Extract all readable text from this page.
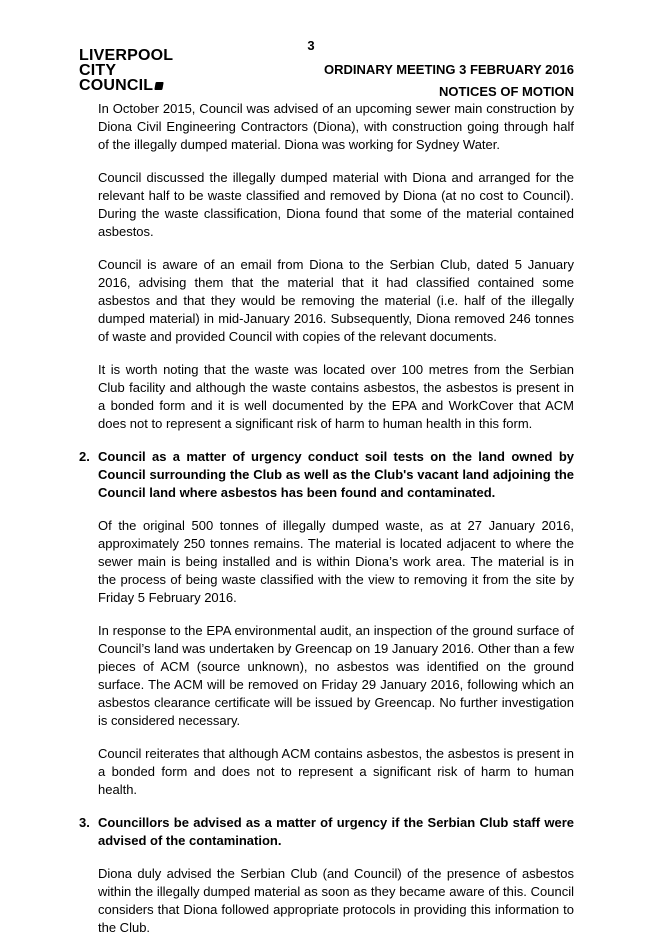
3
LIVERPOOL
CITY
COUNCIL
ORDINARY MEETING 3 FEBRUARY 2016
NOTICES OF MOTION

In October 2015, Council was advised of an upcoming sewer main construction by Diona Civil Engineering Contractors (Diona), with construction going through half of the illegally dumped material. Diona was working for Sydney Water.

Council discussed the illegally dumped material with Diona and arranged for the relevant half to be waste classified and removed by Diona (at no cost to Council). During the waste classification, Diona found that some of the material contained asbestos.

Council is aware of an email from Diona to the Serbian Club, dated 5 January 2016, advising them that the material that it had classified contained some asbestos and that they would be removing the material (i.e. half of the illegally dumped material) in mid-January 2016. Subsequently, Diona removed 246 tonnes of waste and provided Council with copies of the relevant documents.

It is worth noting that the waste was located over 100 metres from the Serbian Club facility and although the waste contains asbestos, the asbestos is present in a bonded form and it is well documented by the EPA and WorkCover that ACM does not to represent a significant risk of harm to human health in this form.

2. Council as a matter of urgency conduct soil tests on the land owned by Council surrounding the Club as well as the Club's vacant land adjoining the Council land where asbestos has been found and contaminated.

Of the original 500 tonnes of illegally dumped waste, as at 27 January 2016, approximately 250 tonnes remains. The material is located adjacent to where the sewer main is being installed and is within Diona’s work area. The material is in the process of being waste classified with the view to removing it from the site by Friday 5 February 2016.

In response to the EPA environmental audit, an inspection of the ground surface of Council’s land was undertaken by Greencap on 19 January 2016. Other than a few pieces of ACM (source unknown), no asbestos was identified on the ground surface. The ACM will be removed on Friday 29 January 2016, following which an asbestos clearance certificate will be issued by Greencap. No further investigation is considered necessary.

Council reiterates that although ACM contains asbestos, the asbestos is present in a bonded form and does not to represent a significant risk of harm to human health.

3. Councillors be advised as a matter of urgency if the Serbian Club staff were advised of the contamination.

Diona duly advised the Serbian Club (and Council) of the presence of asbestos within the illegally dumped material as soon as they became aware of this. Council considers that Diona followed appropriate protocols in providing this information to the Club.
